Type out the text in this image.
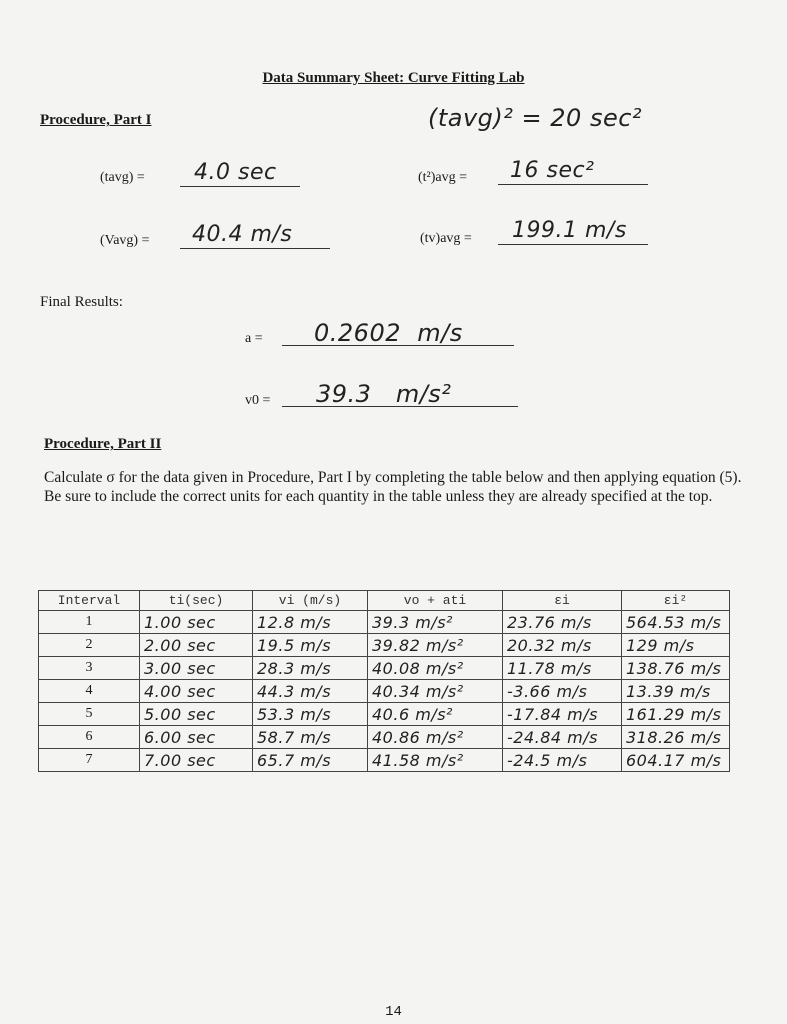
Data Summary Sheet: Curve Fitting Lab
Procedure, Part I	(tavg)² = 20 sec²
(tavg) =	4.0 sec	(t²)avg =	16 sec²
(Vavg) =	40.4 m/s	(tv)avg =	199.1 m/s
Final Results:
a =	0.2602  m/s
v0 =	39.3   m/s²
Procedure, Part II
Calculate σ for the data given in Procedure, Part I by completing the table below and then applying equation (5). Be sure to include the correct units for each quantity in the table unless they are already specified at the top.
Interval	ti(sec)	vi (m/s)	vo + ati	εi	εi²
1	1.00 sec	12.8 m/s	39.3 m/s²	23.76 m/s	564.53 m/s
2	2.00 sec	19.5 m/s	39.82 m/s²	20.32 m/s	129 m/s
3	3.00 sec	28.3 m/s	40.08 m/s²	11.78 m/s	138.76 m/s
4	4.00 sec	44.3 m/s	40.34 m/s²	-3.66 m/s	13.39 m/s
5	5.00 sec	53.3 m/s	40.6 m/s²	-17.84 m/s	161.29 m/s
6	6.00 sec	58.7 m/s	40.86 m/s²	-24.84 m/s	318.26 m/s
7	7.00 sec	65.7 m/s	41.58 m/s²	-24.5 m/s	604.17 m/s
14
